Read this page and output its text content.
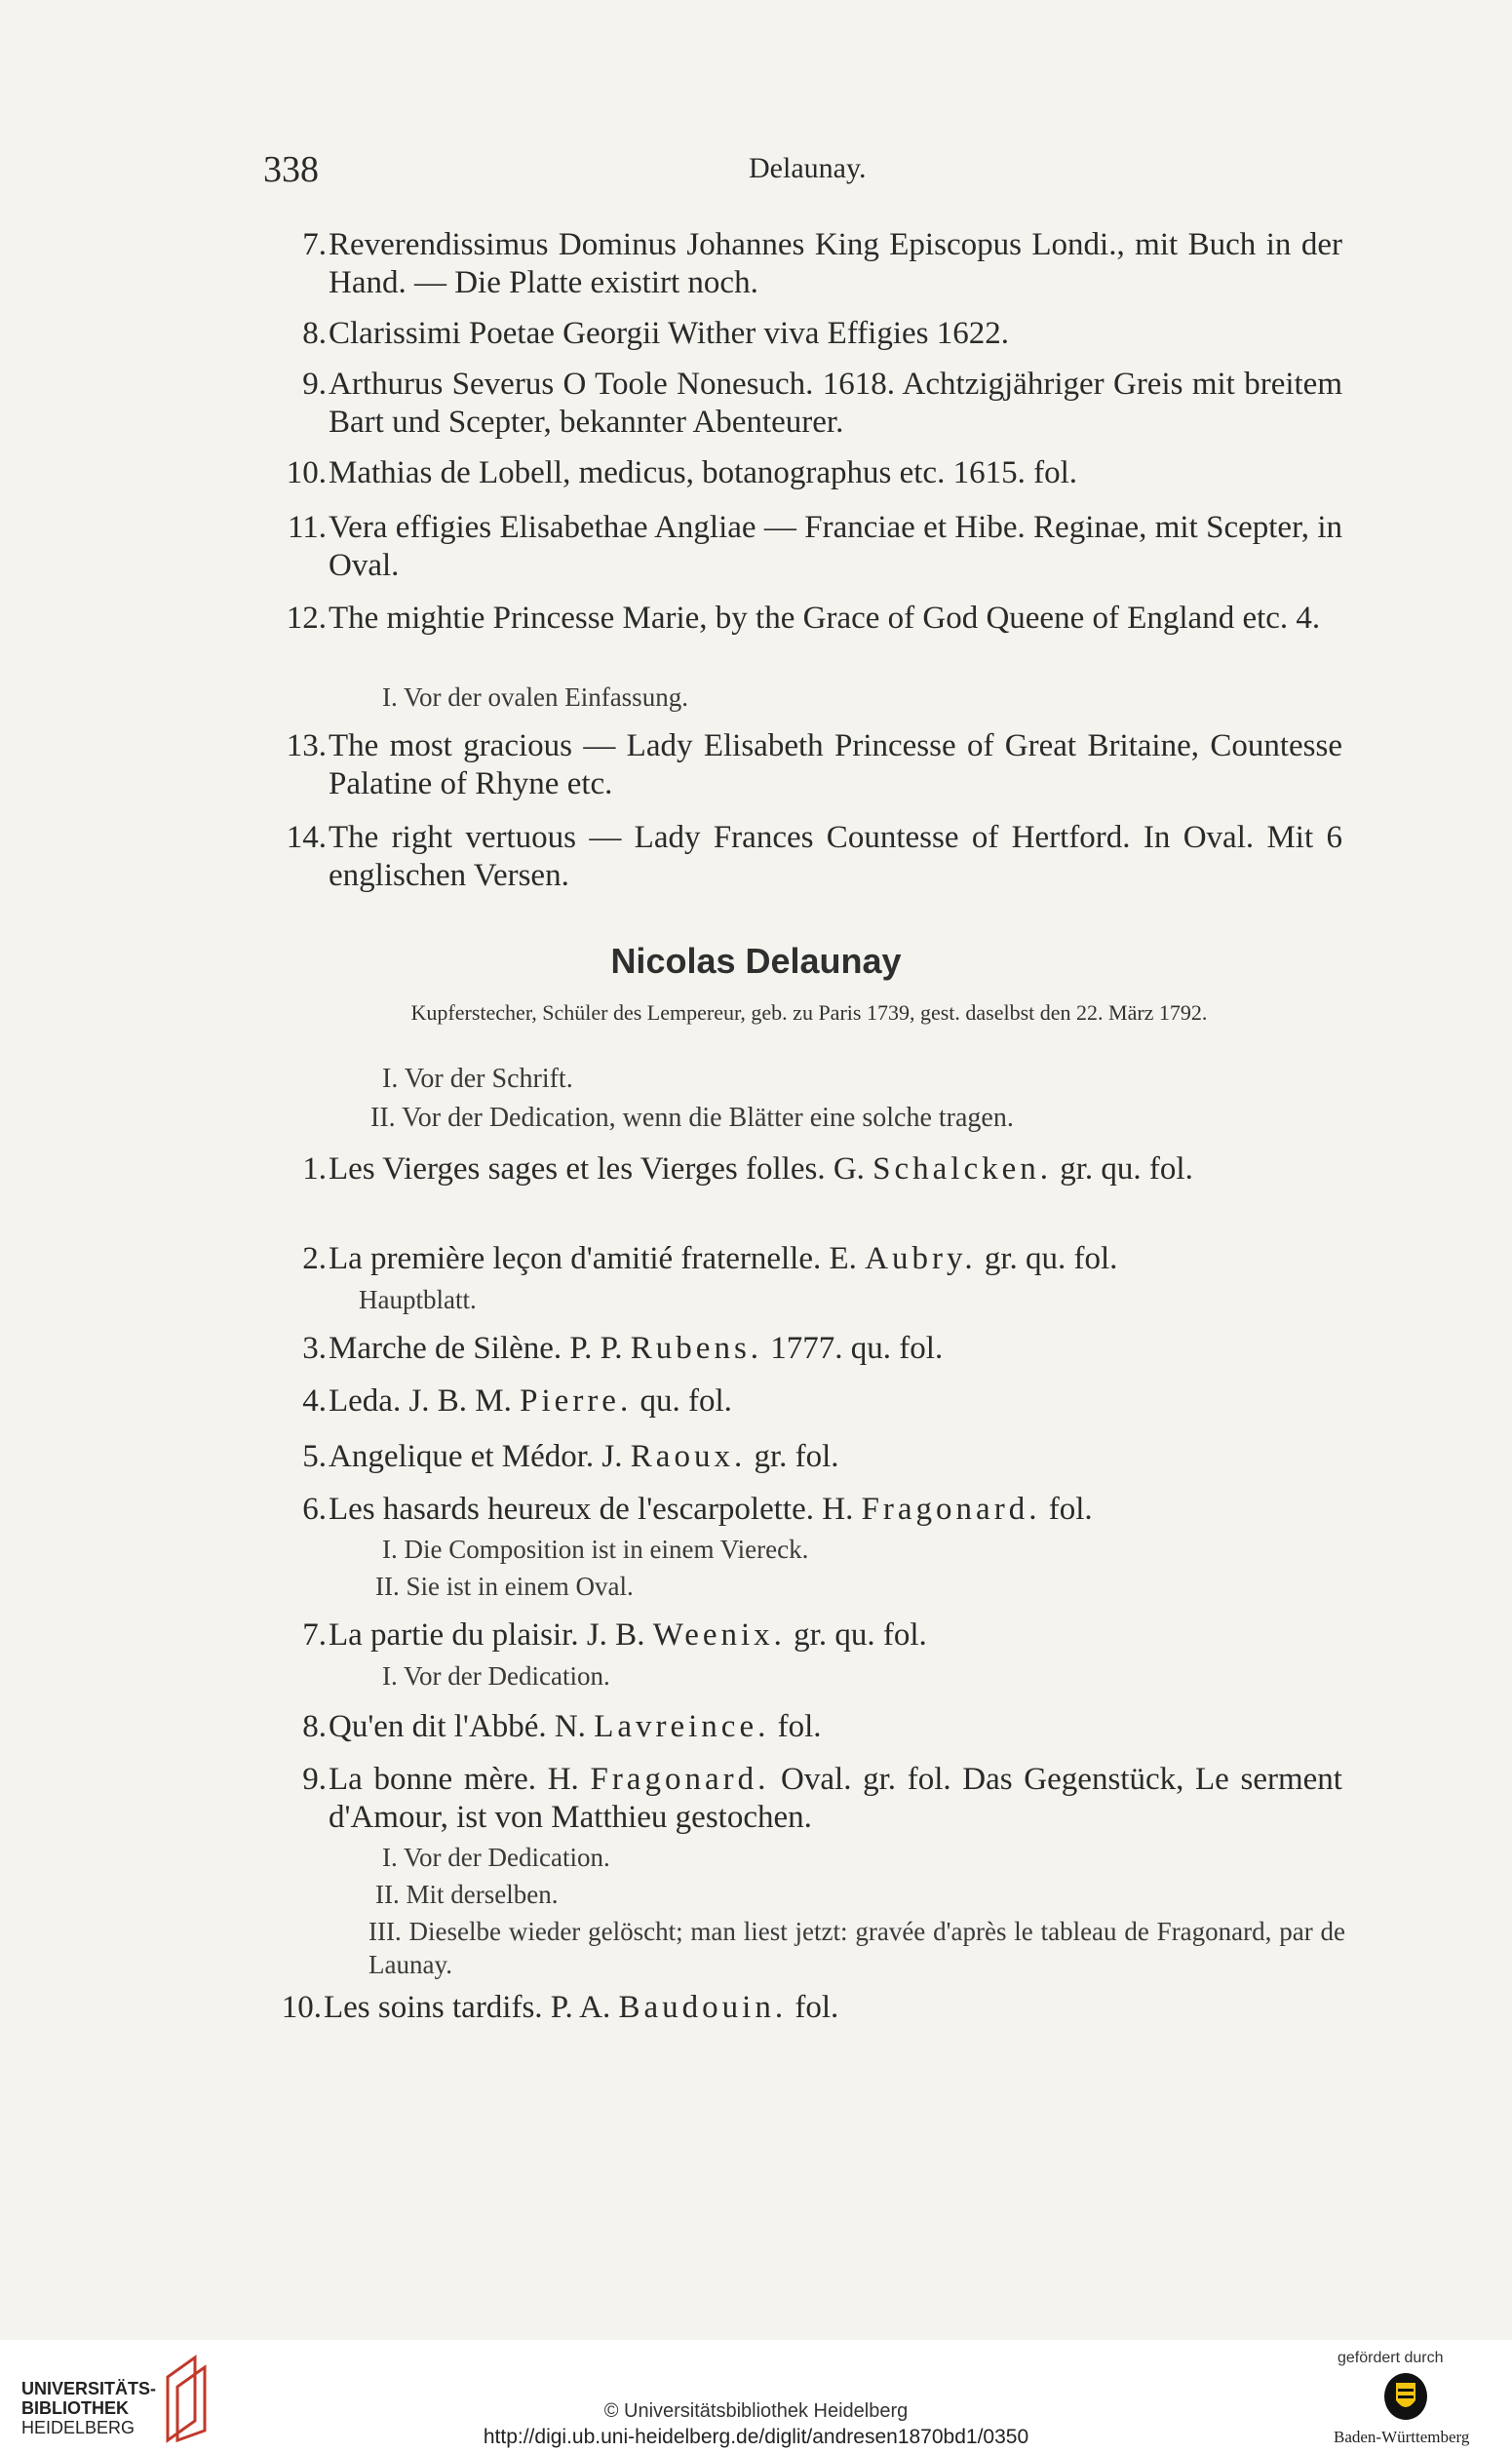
338	Delaunay.
7. Reverendissimus Dominus Johannes King Episcopus Londi., mit Buch in der Hand. — Die Platte existirt noch.
8. Clarissimi Poetae Georgii Wither viva Effigies 1622.
9. Arthurus Severus O Toole Nonesuch. 1618. Achtzigjähriger Greis mit breitem Bart und Scepter, bekannter Abenteurer.
10. Mathias de Lobell, medicus, botanographus etc. 1615. fol.
11. Vera effigies Elisabethae Angliae — Franciae et Hibe. Reginae, mit Scepter, in Oval.
12. The mightie Princesse Marie, by the Grace of God Queene of England etc. 4.
I. Vor der ovalen Einfassung.
13. The most gracious — Lady Elisabeth Princesse of Great Britaine, Countesse Palatine of Rhyne etc.
14. The right vertuous — Lady Frances Countesse of Hertford. In Oval. Mit 6 englischen Versen.
Nicolas Delaunay
Kupferstecher, Schüler des Lempereur, geb. zu Paris 1739, gest. daselbst den 22. März 1792.
I. Vor der Schrift.
II. Vor der Dedication, wenn die Blätter eine solche tragen.
1. Les Vierges sages et les Vierges folles. G. Schalcken. gr. qu. fol.
2. La première leçon d'amitié fraternelle. E. Aubry. gr. qu. fol.
Hauptblatt.
3. Marche de Silène. P. P. Rubens. 1777. qu. fol.
4. Leda. J. B. M. Pierre. qu. fol.
5. Angelique et Médor. J. Raoux. gr. fol.
6. Les hasards heureux de l'escarpolette. H. Fragonard. fol.
I. Die Composition ist in einem Viereck.
II. Sie ist in einem Oval.
7. La partie du plaisir. J. B. Weenix. gr. qu. fol.
I. Vor der Dedication.
8. Qu'en dit l'Abbé. N. Lavreince. fol.
9. La bonne mère. H. Fragonard. Oval. gr. fol. Das Gegenstück, Le serment d'Amour, ist von Matthieu gestochen.
I. Vor der Dedication.
II. Mit derselben.
III. Dieselbe wieder gelöscht; man liest jetzt: gravée d'après le tableau de Fragonard, par de Launay.
10. Les soins tardifs. P. A. Baudouin. fol.
UNIVERSITÄTS-
BIBLIOTHEK
HEIDELBERG
© Universitätsbibliothek Heidelberg
http://digi.ub.uni-heidelberg.de/diglit/andresen1870bd1/0350
gefördert durch
Baden-Württemberg
